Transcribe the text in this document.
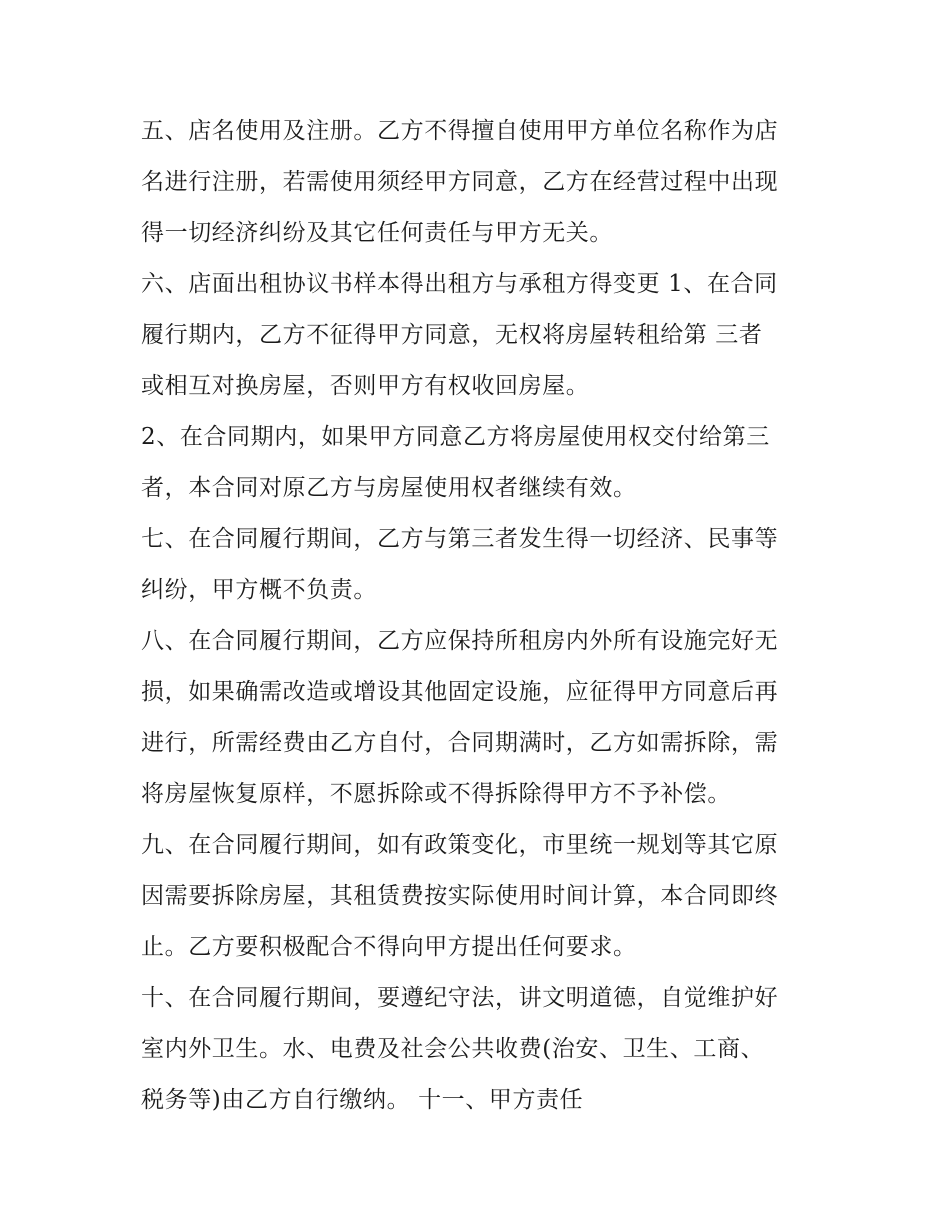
五、店名使用及注册。乙方不得擅自使用甲方单位名称作为店
名进行注册，若需使用须经甲方同意，乙方在经营过程中出现
得一切经济纠纷及其它任何责任与甲方无关。
六、店面出租协议书样本得出租方与承租方得变更 1、在合同
履行期内，乙方不征得甲方同意，无权将房屋转租给第 三者
或相互对换房屋，否则甲方有权收回房屋。
2、在合同期内，如果甲方同意乙方将房屋使用权交付给第三
者，本合同对原乙方与房屋使用权者继续有效。
七、在合同履行期间，乙方与第三者发生得一切经济、民事等
纠纷，甲方概不负责。
八、在合同履行期间，乙方应保持所租房内外所有设施完好无
损，如果确需改造或增设其他固定设施，应征得甲方同意后再
进行，所需经费由乙方自付，合同期满时，乙方如需拆除，需
将房屋恢复原样，不愿拆除或不得拆除得甲方不予补偿。
九、在合同履行期间，如有政策变化，市里统一规划等其它原
因需要拆除房屋，其租赁费按实际使用时间计算，本合同即终
止。乙方要积极配合不得向甲方提出任何要求。
十、在合同履行期间，要遵纪守法，讲文明道德，自觉维护好
室内外卫生。水、电费及社会公共收费(治安、卫生、工商、
税务等)由乙方自行缴纳。 十一、甲方责任
